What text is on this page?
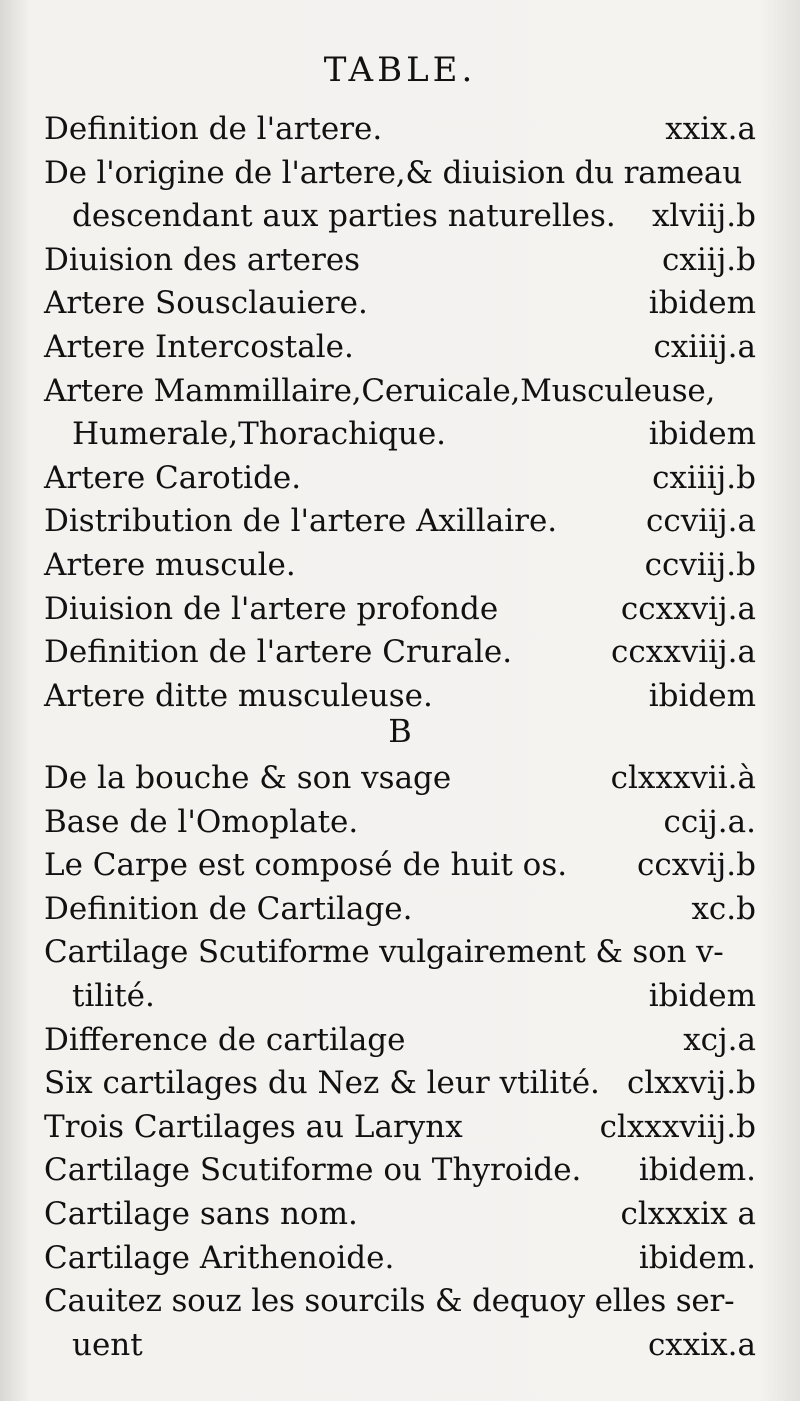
TABLE.
Definition de l'artere.	xxix.a
De l'origine de l'artere,& diuision du rameau
descendant aux parties naturelles. xlviij.b
Diuision des arteres	cxiij.b
Artere Sousclauiere.	ibidem
Artere Intercostale.	cxiiij.a
Artere Mammillaire,Ceruicale,Musculeuse,
Humerale,Thorachique.	ibidem
Artere Carotide.	cxiiij.b
Distribution de l'artere Axillaire.	ccviij.a
Artere muscule.	ccviij.b
Diuision de l'artere profonde	ccxxvij.a
Definition de l'artere Crurale.	ccxxviij.a
Artere ditte musculeuse.	ibidem
B
De la bouche & son vsage	clxxxvii.à
Base de l'Omoplate.	ccij.a.
Le Carpe est composé de huit os. ccxvij.b
Definition de Cartilage.	xc.b
Cartilage Scutiforme vulgairement & son v-
tilité.	ibidem
Difference de cartilage	xcj.a
Six cartilages du Nez & leur vtilité. clxxvij.b
Trois Cartilages au Larynx	clxxxviij.b
Cartilage Scutiforme ou Thyroide. ibidem.
Cartilage sans nom.	clxxxix a
Cartilage Arithenoide.	ibidem.
Cauitez souz les sourcils & dequoy elles ser-
uent	cxxix.a
